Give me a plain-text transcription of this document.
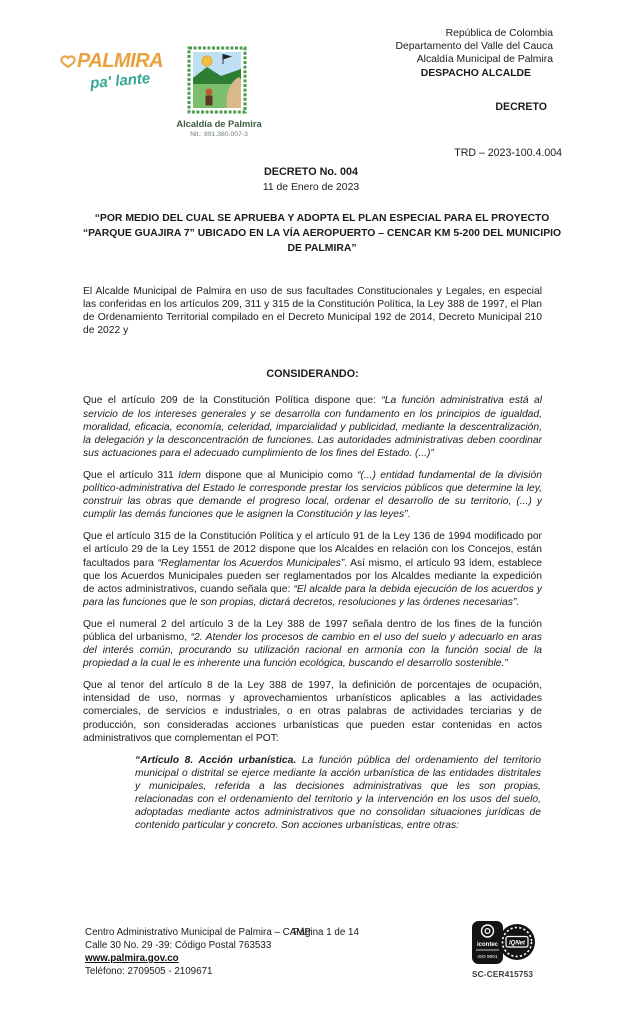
PALMIRA
pa' lante
Alcaldía de Palmira
Nit.: 891.380.007-3
República de Colombia
Departamento del Valle del Cauca
Alcaldía Municipal de Palmira
DESPACHO ALCALDE
DECRETO
TRD – 2023-100.4.004
DECRETO No. 004
11 de Enero de 2023
“POR MEDIO DEL CUAL SE APRUEBA Y ADOPTA EL PLAN ESPECIAL PARA EL PROYECTO
“PARQUE GUAJIRA 7” UBICADO EN LA VÍA AEROPUERTO – CENCAR KM 5-200 DEL MUNICIPIO
DE PALMIRA”

El Alcalde Municipal de Palmira en uso de sus facultades Constitucionales y Legales, en especial las conferidas en los artículos 209, 311 y 315 de la Constitución Política, la Ley 388 de 1997, el Plan de Ordenamiento Territorial compilado en el Decreto Municipal 192 de 2014, Decreto Municipal 210 de 2022 y

CONSIDERANDO:

Que el artículo 209 de la Constitución Política dispone que: “La función administrativa está al servicio de los intereses generales y se desarrolla con fundamento en los principios de igualdad, moralidad, eficacia, economía, celeridad, imparcialidad y publicidad, mediante la descentralización, la delegación y la desconcentración de funciones. Las autoridades administrativas deben coordinar sus actuaciones para el adecuado cumplimiento de los fines del Estado. (...)”

Que el artículo 311 Idem dispone que al Municipio como “(...) entidad fundamental de la división político-administrativa del Estado le corresponde prestar los servicios públicos que determine la ley, construir las obras que demande el progreso local, ordenar el desarrollo de su territorio, (...) y cumplir las demás funciones que le asignen la Constitución y las leyes”.

Que el artículo 315 de la Constitución Política y el artículo 91 de la Ley 136 de 1994 modificado por el artículo 29 de la Ley 1551 de 2012 dispone que los Alcaldes en relación con los Concejos, están facultados para “Reglamentar los Acuerdos Municipales”. Así mismo, el artículo 93 ídem, establece que los Acuerdos Municipales pueden ser reglamentados por los Alcaldes mediante la expedición de actos administrativos, cuando señala que: “El alcalde para la debida ejecución de los acuerdos y para las funciones que le son propias, dictará decretos, resoluciones y las órdenes necesarias”.

Que el numeral 2 del artículo 3 de la Ley 388 de 1997 señala dentro de los fines de la función pública del urbanismo, “2. Atender los procesos de cambio en el uso del suelo y adecuarlo en aras del interés común, procurando su utilización racional en armonía con la función social de la propiedad a la cual le es inherente una función ecológica, buscando el desarrollo sostenible.”

Que al tenor del artículo 8 de la Ley 388 de 1997, la definición de porcentajes de ocupación, intensidad de uso, normas y aprovechamientos urbanísticos aplicables a las actividades comerciales, de servicios e industriales, o en otras palabras de actividades terciarias y de producción, son consideradas acciones urbanísticas que pueden estar contenidas en actos administrativos que complementan el POT:

“Artículo 8. Acción urbanística. La función pública del ordenamiento del territorio municipal o distrital se ejerce mediante la acción urbanística de las entidades distritales y municipales, referida a las decisiones administrativas que les son propias, relacionadas con el ordenamiento del territorio y la intervención en los usos del suelo, adoptadas mediante actos administrativos que no consolidan situaciones jurídicas de contenido particular y concreto. Son acciones urbanísticas, entre otras:

Centro Administrativo Municipal de Palmira – CAMP
Página 1 de 14
Calle 30 No. 29 -39: Código Postal 763533
www.palmira.gov.co
Teléfono: 2709505 - 2109671
icontec
ISO 9001
IQNet
SC-CER415753
